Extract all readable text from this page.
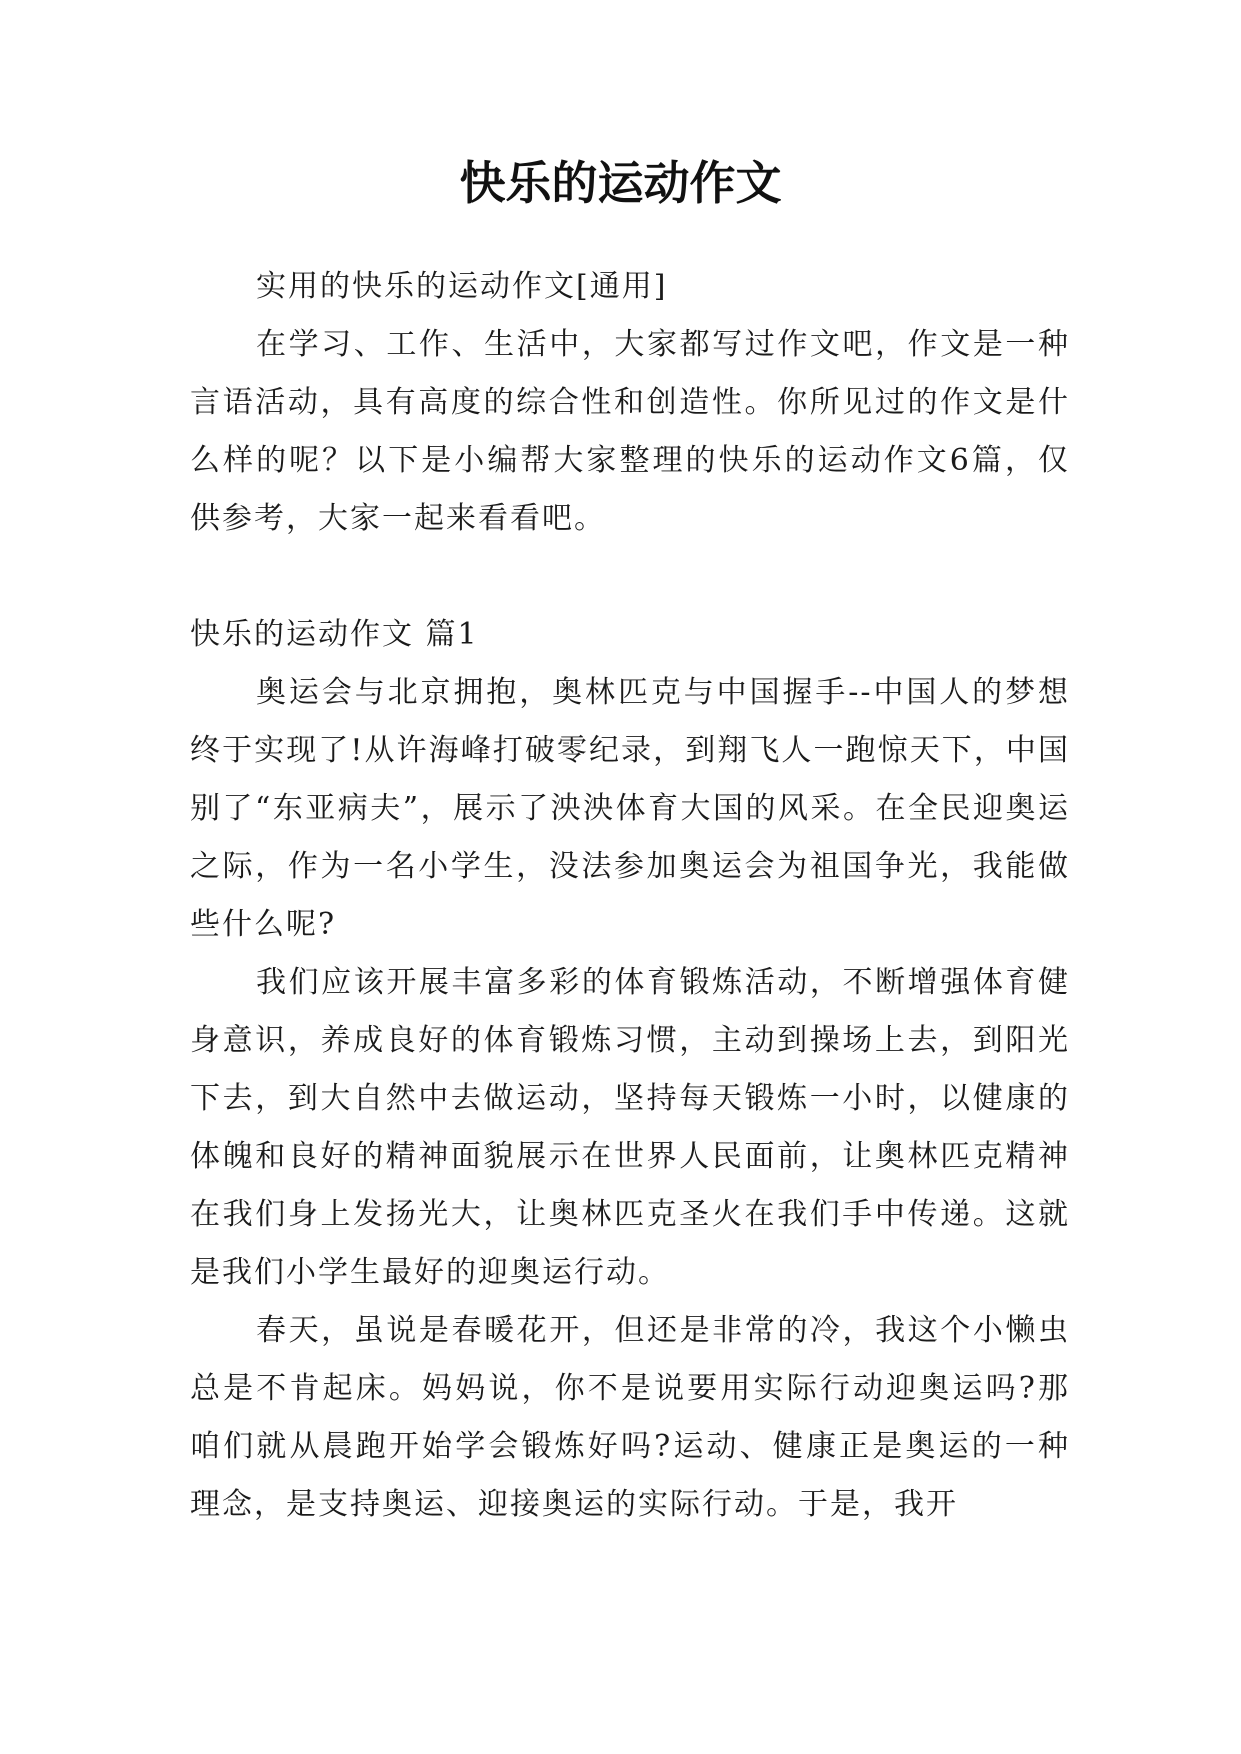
快乐的运动作文

实用的快乐的运动作文[通用]

在学习、工作、生活中，大家都写过作文吧，作文是一种言语活动，具有高度的综合性和创造性。你所见过的作文是什么样的呢？以下是小编帮大家整理的快乐的运动作文6篇，仅供参考，大家一起来看看吧。

快乐的运动作文 篇1

奥运会与北京拥抱，奥林匹克与中国握手--中国人的梦想终于实现了!从许海峰打破零纪录，到翔飞人一跑惊天下，中国别了“东亚病夫”，展示了泱泱体育大国的风采。在全民迎奥运之际，作为一名小学生，没法参加奥运会为祖国争光，我能做些什么呢?

我们应该开展丰富多彩的体育锻炼活动，不断增强体育健身意识，养成良好的体育锻炼习惯，主动到操场上去，到阳光下去，到大自然中去做运动，坚持每天锻炼一小时，以健康的体魄和良好的精神面貌展示在世界人民面前，让奥林匹克精神在我们身上发扬光大，让奥林匹克圣火在我们手中传递。这就是我们小学生最好的迎奥运行动。

春天，虽说是春暖花开，但还是非常的冷，我这个小懒虫总是不肯起床。妈妈说，你不是说要用实际行动迎奥运吗?那咱们就从晨跑开始学会锻炼好吗?运动、健康正是奥运的一种理念，是支持奥运、迎接奥运的实际行动。于是，我开
